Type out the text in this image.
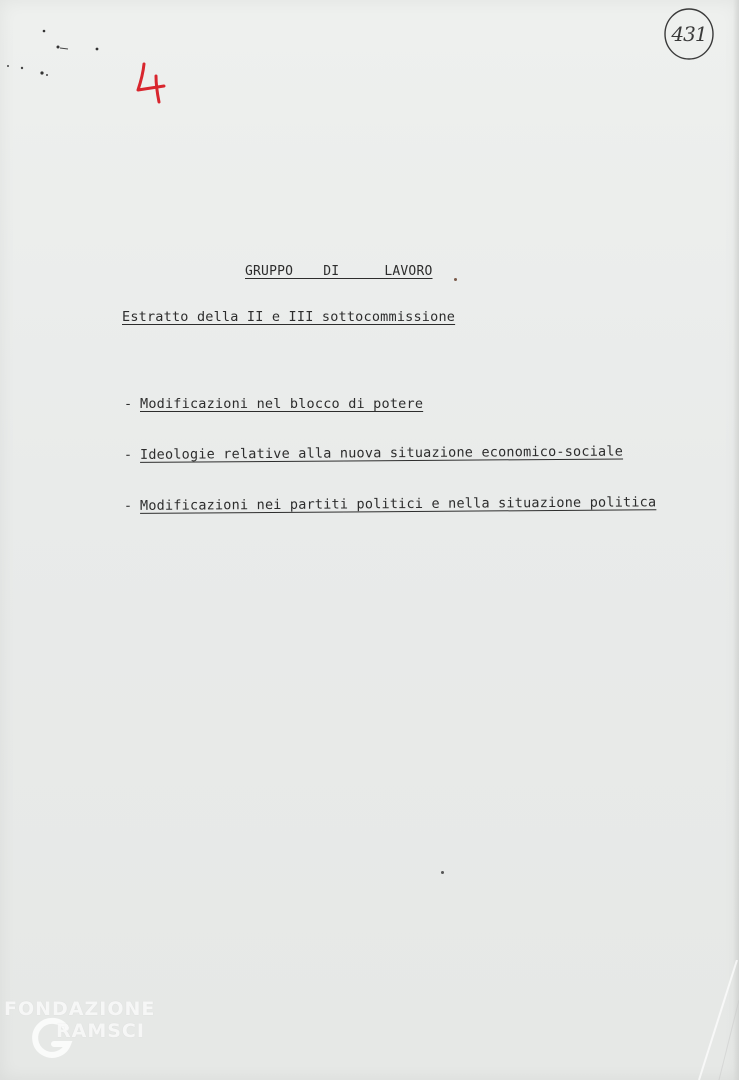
431
GRUPPO  DI   LAVORO
Estratto della II e III sottocommissione
- Modificazioni nel blocco di potere
- Ideologie relative alla nuova situazione economico-sociale
- Modificazioni nei partiti politici e nella situazione politica
FONDAZIONE
RAMSCI
